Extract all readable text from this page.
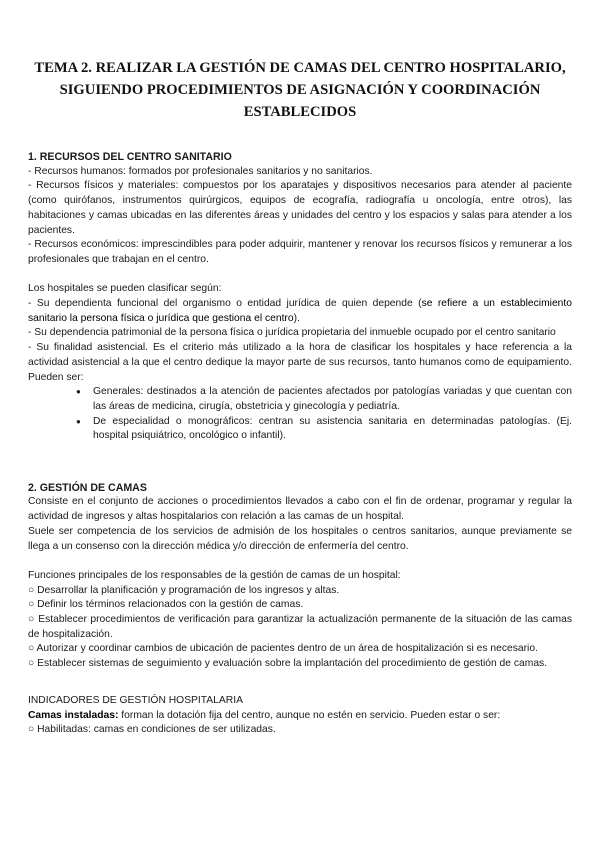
TEMA 2. REALIZAR LA GESTIÓN DE CAMAS DEL CENTRO HOSPITALARIO,
SIGUIENDO PROCEDIMIENTOS DE ASIGNACIÓN Y COORDINACIÓN
ESTABLECIDOS
1. RECURSOS DEL CENTRO SANITARIO
- Recursos humanos: formados por profesionales sanitarios y no sanitarios.
- Recursos físicos y materiales: compuestos por los aparatajes y dispositivos necesarios para atender al paciente (como quirófanos, instrumentos quirúrgicos, equipos de ecografía, radiografía u oncología, entre otros), las habitaciones y camas ubicadas en las diferentes áreas y unidades del centro y los espacios y salas para atender a los pacientes.
- Recursos económicos: imprescindibles para poder adquirir, mantener y renovar los recursos físicos y remunerar a los profesionales que trabajan en el centro.
Los hospitales se pueden clasificar según:
- Su dependienta funcional del organismo o entidad jurídica de quien depende (se refiere a un establecimiento sanitario la persona física o jurídica que gestiona el centro).
- Su dependencia patrimonial de la persona física o jurídica propietaria del inmueble ocupado por el centro sanitario
- Su finalidad asistencial. Es el criterio más utilizado a la hora de clasificar los hospitales y hace referencia a la actividad asistencial a la que el centro dedique la mayor parte de sus recursos, tanto humanos como de equipamiento. Pueden ser:
● Generales: destinados a la atención de pacientes afectados por patologías variadas y que cuentan con las áreas de medicina, cirugía, obstetricia y ginecología y pediatría.
● De especialidad o monográficos: centran su asistencia sanitaria en determinadas patologías. (Ej. hospital psiquiátrico, oncológico o infantil).
2. GESTIÓN DE CAMAS
Consiste en el conjunto de acciones o procedimientos llevados a cabo con el fin de ordenar, programar y regular la actividad de ingresos y altas hospitalarios con relación a las camas de un hospital.
Suele ser competencia de los servicios de admisión de los hospitales o centros sanitarios, aunque previamente se llega a un consenso con la dirección médica y/o dirección de enfermería del centro.
Funciones principales de los responsables de la gestión de camas de un hospital:
○ Desarrollar la planificación y programación de los ingresos y altas.
○ Definir los términos relacionados con la gestión de camas.
○ Establecer procedimientos de verificación para garantizar la actualización permanente de la situación de las camas de hospitalización.
○ Autorizar y coordinar cambios de ubicación de pacientes dentro de un área de hospitalización si es necesario.
○ Establecer sistemas de seguimiento y evaluación sobre la implantación del procedimiento de gestión de camas.
INDICADORES DE GESTIÓN HOSPITALARIA
Camas instaladas: forman la dotación fija del centro, aunque no estén en servicio. Pueden estar o ser:
○ Habilitadas: camas en condiciones de ser utilizadas.
